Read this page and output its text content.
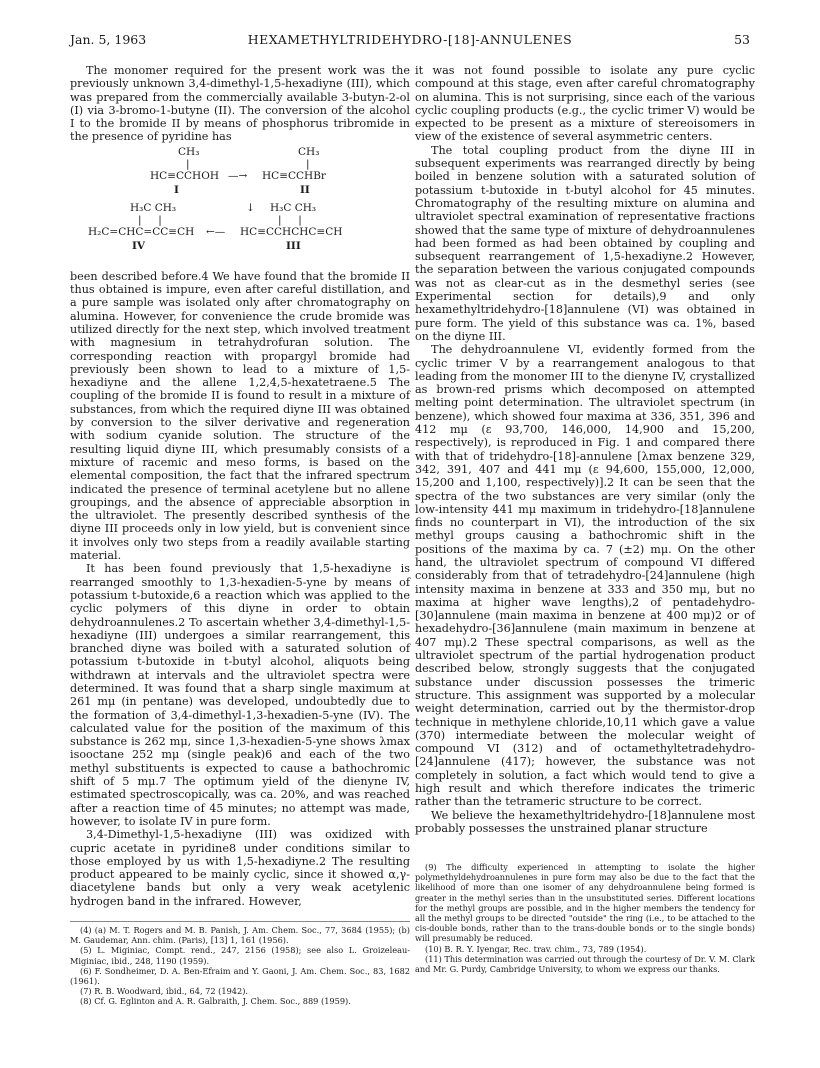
Jan. 5, 1963	HEXAMETHYLTRIDEHYDRO-[18]-ANNULENES	53

The monomer required for the present work was the previously unknown 3,4-dimethyl-1,5-hexadiyne (III), which was prepared from the commercially available 3-butyn-2-ol (I) via 3-bromo-1-butyne (II). The conversion of the alcohol I to the bromide II by means of phosphorus tribromide in the presence of pyridine has

CH₃	CH₃
|	|
HC≡CCHOH —→ HC≡CCHBr
I	II
H₃C CH₃	↓ H₃C CH₃
|     |	|     |
H₂C=CHC=CC≡CH ←— HC≡CCHCHC≡CH
IV	III

been described before.4 We have found that the bromide II thus obtained is impure, even after careful distillation, and a pure sample was isolated only after chromatography on alumina. However, for convenience the crude bromide was utilized directly for the next step, which involved treatment with magnesium in tetrahydrofuran solution. The corresponding reaction with propargyl bromide had previously been shown to lead to a mixture of 1,5-hexadiyne and the allene 1,2,4,5-hexatetraene.5 The coupling of the bromide II is found to result in a mixture of substances, from which the required diyne III was obtained by conversion to the silver derivative and regeneration with sodium cyanide solution. The structure of the resulting liquid diyne III, which presumably consists of a mixture of racemic and meso forms, is based on the elemental composition, the fact that the infrared spectrum indicated the presence of terminal acetylene but no allene groupings, and the absence of appreciable absorption in the ultraviolet. The presently described synthesis of the diyne III proceeds only in low yield, but is convenient since it involves only two steps from a readily available starting material.

It has been found previously that 1,5-hexadiyne is rearranged smoothly to 1,3-hexadien-5-yne by means of potassium t-butoxide,6 a reaction which was applied to the cyclic polymers of this diyne in order to obtain dehydroannulenes.2 To ascertain whether 3,4-dimethyl-1,5-hexadiyne (III) undergoes a similar rearrangement, this branched diyne was boiled with a saturated solution of potassium t-butoxide in t-butyl alcohol, aliquots being withdrawn at intervals and the ultraviolet spectra were determined. It was found that a sharp single maximum at 261 mμ (in pentane) was developed, undoubtedly due to the formation of 3,4-dimethyl-1,3-hexadien-5-yne (IV). The calculated value for the position of the maximum of this substance is 262 mμ, since 1,3-hexadien-5-yne shows λmax isooctane 252 mμ (single peak)6 and each of the two methyl substituents is expected to cause a bathochromic shift of 5 mμ.7 The optimum yield of the dienyne IV, estimated spectroscopically, was ca. 20%, and was reached after a reaction time of 45 minutes; no attempt was made, however, to isolate IV in pure form.

3,4-Dimethyl-1,5-hexadiyne (III) was oxidized with cupric acetate in pyridine8 under conditions similar to those employed by us with 1,5-hexadiyne.2 The resulting product appeared to be mainly cyclic, since it showed α,γ-diacetylene bands but only a very weak acetylenic hydrogen band in the infrared. However,

(4) (a) M. T. Rogers and M. B. Panish, J. Am. Chem. Soc., 77, 3684 (1955); (b) M. Gaudemar, Ann. chim. (Paris), [13] 1, 161 (1956).

(5) L. Miginiac, Compt. rend., 247, 2156 (1958); see also L. Groizeleau-Miginiac, ibid., 248, 1190 (1959).

(6) F. Sondheimer, D. A. Ben-Efraim and Y. Gaoni, J. Am. Chem. Soc., 83, 1682 (1961).

(7) R. B. Woodward, ibid., 64, 72 (1942).

(8) Cf. G. Eglinton and A. R. Galbraith, J. Chem. Soc., 889 (1959).

it was not found possible to isolate any pure cyclic compound at this stage, even after careful chromatography on alumina. This is not surprising, since each of the various cyclic coupling products (e.g., the cyclic trimer V) would be expected to be present as a mixture of stereoisomers in view of the existence of several asymmetric centers.

The total coupling product from the diyne III in subsequent experiments was rearranged directly by being boiled in benzene solution with a saturated solution of potassium t-butoxide in t-butyl alcohol for 45 minutes. Chromatography of the resulting mixture on alumina and ultraviolet spectral examination of representative fractions showed that the same type of mixture of dehydroannulenes had been formed as had been obtained by coupling and subsequent rearrangement of 1,5-hexadiyne.2 However, the separation between the various conjugated compounds was not as clear-cut as in the desmethyl series (see Experimental section for details),9 and only hexamethyltridehydro-[18]annulene (VI) was obtained in pure form. The yield of this substance was ca. 1%, based on the diyne III.

The dehydroannulene VI, evidently formed from the cyclic trimer V by a rearrangement analogous to that leading from the monomer III to the dienyne IV, crystallized as brown-red prisms which decomposed on attempted melting point determination. The ultraviolet spectrum (in benzene), which showed four maxima at 336, 351, 396 and 412 mμ (ε 93,700, 146,000, 14,900 and 15,200, respectively), is reproduced in Fig. 1 and compared there with that of tridehydro-[18]-annulene [λmax benzene 329, 342, 391, 407 and 441 mμ (ε 94,600, 155,000, 12,000, 15,200 and 1,100, respectively)].2 It can be seen that the spectra of the two substances are very similar (only the low-intensity 441 mμ maximum in tridehydro-[18]annulene finds no counterpart in VI), the introduction of the six methyl groups causing a bathochromic shift in the positions of the maxima by ca. 7 (±2) mμ. On the other hand, the ultraviolet spectrum of compound VI differed considerably from that of tetradehydro-[24]annulene (high intensity maxima in benzene at 333 and 350 mμ, but no maxima at higher wave lengths),2 of pentadehydro-[30]annulene (main maxima in benzene at 400 mμ)2 or of hexadehydro-[36]annulene (main maximum in benzene at 407 mμ).2 These spectral comparisons, as well as the ultraviolet spectrum of the partial hydrogenation product described below, strongly suggests that the conjugated substance under discussion possesses the trimeric structure. This assignment was supported by a molecular weight determination, carried out by the thermistor-drop technique in methylene chloride,10,11 which gave a value (370) intermediate between the molecular weight of compound VI (312) and of octamethyltetradehydro-[24]annulene (417); however, the substance was not completely in solution, a fact which would tend to give a high result and which therefore indicates the trimeric rather than the tetrameric structure to be correct.

We believe the hexamethyltridehydro-[18]annulene most probably possesses the unstrained planar structure

(9) The difficulty experienced in attempting to isolate the higher polymethyldehydroannulenes in pure form may also be due to the fact that the likelihood of more than one isomer of any dehydroannulene being formed is greater in the methyl series than in the unsubstituted series. Different locations for the methyl groups are possible, and in the higher members the tendency for all the methyl groups to be directed "outside" the ring (i.e., to be attached to the cis-double bonds, rather than to the trans-double bonds or to the single bonds) will presumably be reduced.

(10) B. R. Y. Iyengar, Rec. trav. chim., 73, 789 (1954).

(11) This determination was carried out through the courtesy of Dr. V. M. Clark and Mr. G. Purdy, Cambridge University, to whom we express our thanks.
